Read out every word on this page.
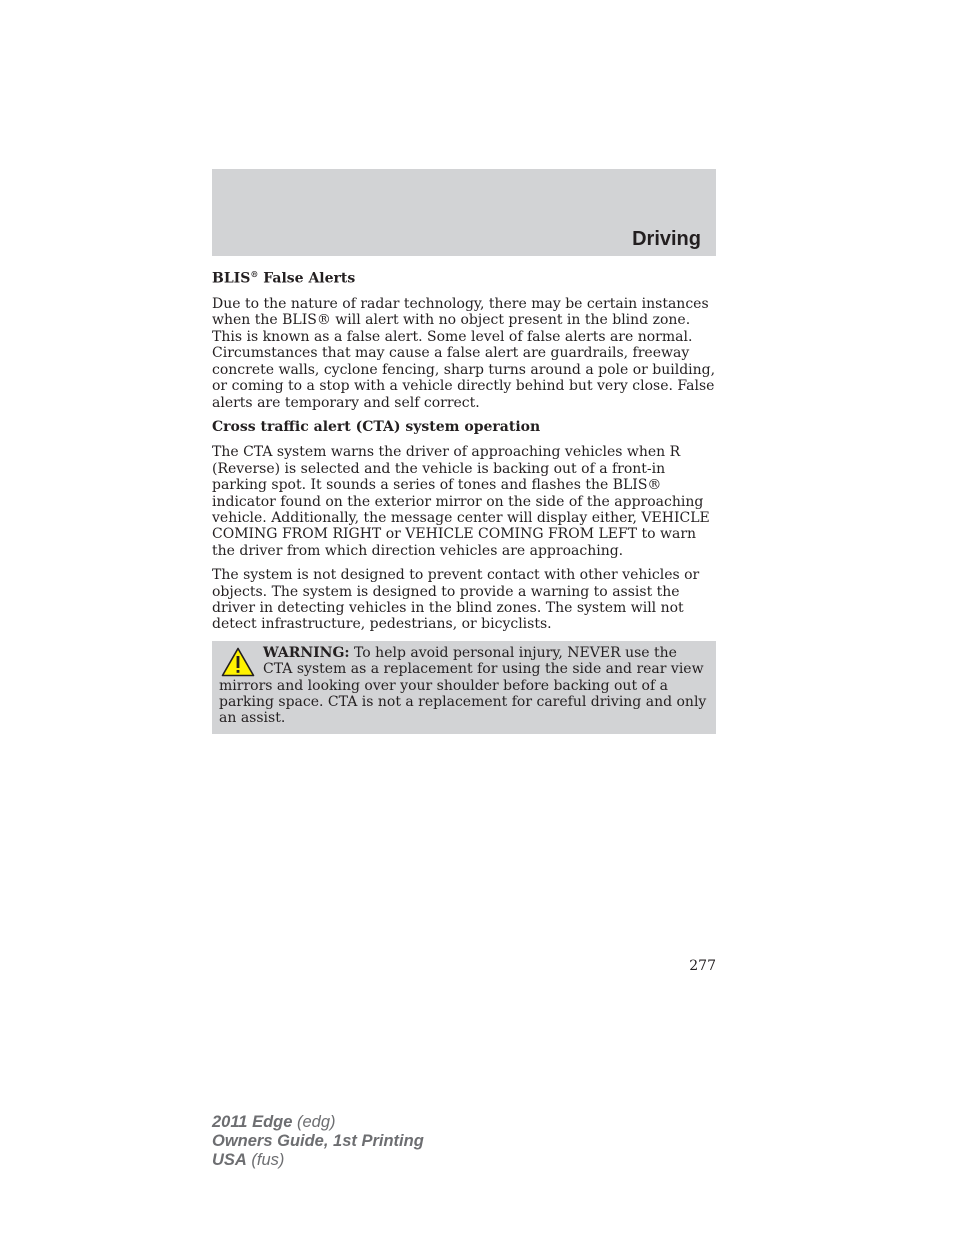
Driving
BLIS® False Alerts

Due to the nature of radar technology, there may be certain instances when the BLIS® will alert with no object present in the blind zone. This is known as a false alert. Some level of false alerts are normal. Circumstances that may cause a false alert are guardrails, freeway concrete walls, cyclone fencing, sharp turns around a pole or building, or coming to a stop with a vehicle directly behind but very close. False alerts are temporary and self correct.

Cross traffic alert (CTA) system operation

The CTA system warns the driver of approaching vehicles when R (Reverse) is selected and the vehicle is backing out of a front-in parking spot. It sounds a series of tones and flashes the BLIS® indicator found on the exterior mirror on the side of the approaching vehicle. Additionally, the message center will display either, VEHICLE COMING FROM RIGHT or VEHICLE COMING FROM LEFT to warn the driver from which direction vehicles are approaching.

The system is not designed to prevent contact with other vehicles or objects. The system is designed to provide a warning to assist the driver in detecting vehicles in the blind zones. The system will not detect infrastructure, pedestrians, or bicyclists.

WARNING: To help avoid personal injury, NEVER use the CTA system as a replacement for using the side and rear view mirrors and looking over your shoulder before backing out of a parking space. CTA is not a replacement for careful driving and only an assist.
277
2011 Edge (edg)
Owners Guide, 1st Printing
USA (fus)
